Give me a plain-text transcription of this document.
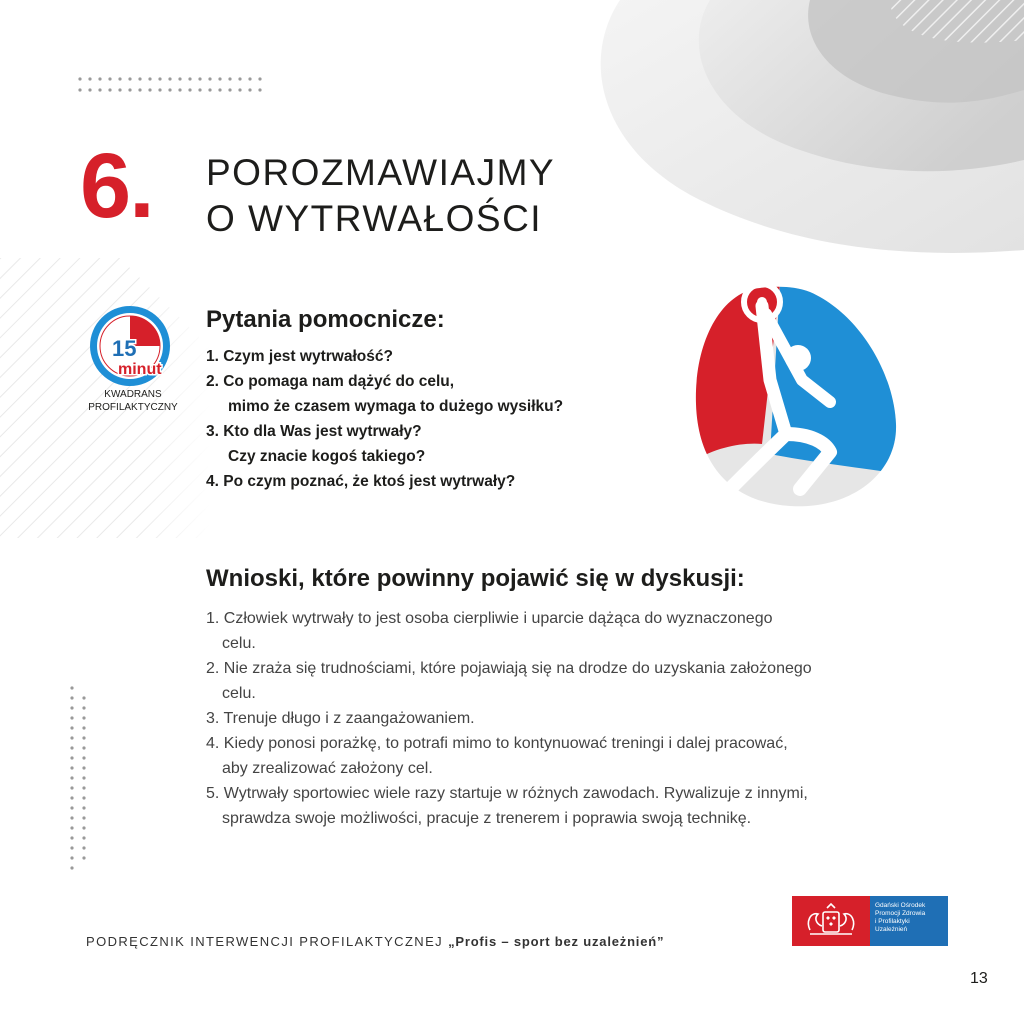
6. POROZMAWIAJMY
O WYTRWAŁOŚCI
15
minut
KWADRANS
PROFILAKTYCZNY
Pytania pomocnicze:
1. Czym jest wytrwałość?
2. Co pomaga nam dążyć do celu,
mimo że czasem wymaga to dużego wysiłku?
3. Kto dla Was jest wytrwały?
Czy znacie kogoś takiego?
4. Po czym poznać, że ktoś jest wytrwały?
Wnioski, które powinny pojawić się w dyskusji:
1. Człowiek wytrwały to jest osoba cierpliwie i uparcie dążąca do wyznaczonego
celu.
2. Nie zraża się trudnościami, które pojawiają się na drodze do uzyskania założonego
celu.
3. Trenuje długo i z zaangażowaniem.
4. Kiedy ponosi porażkę, to potrafi mimo to kontynuować treningi i dalej pracować,
aby zrealizować założony cel.
5. Wytrwały sportowiec wiele razy startuje w różnych zawodach. Rywalizuje z innymi,
sprawdza swoje możliwości, pracuje z trenerem i poprawia swoją technikę.
PODRĘCZNIK INTERWENCJI PROFILAKTYCZNEJ „Profis – sport bez uzależnień”
Gdański Ośrodek
Promocji Zdrowia
i Profilaktyki
Uzależnień
13
